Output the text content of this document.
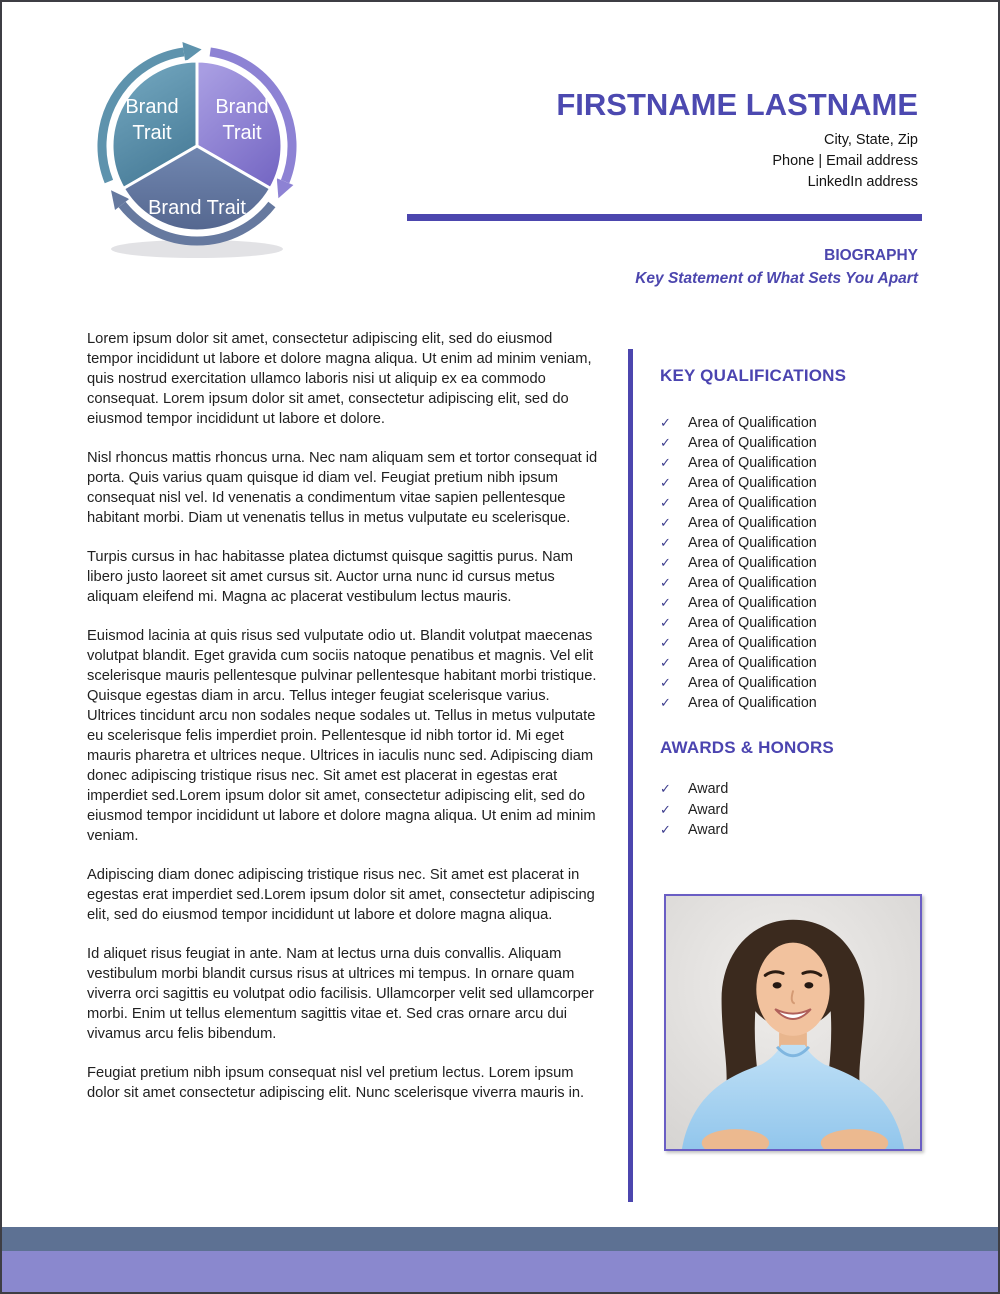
Brand
Trait
Brand
Trait
Brand Trait
FIRSTNAME LASTNAME
City, State, Zip
Phone | Email address
LinkedIn address
BIOGRAPHY
Key Statement of What Sets You Apart

Lorem ipsum dolor sit amet, consectetur adipiscing elit, sed do eiusmod tempor incididunt ut labore et dolore magna aliqua. Ut enim ad minim veniam, quis nostrud exercitation ullamco laboris nisi ut aliquip ex ea commodo consequat. Lorem ipsum dolor sit amet, consectetur adipiscing elit, sed do eiusmod tempor incididunt ut labore et dolore.

Nisl rhoncus mattis rhoncus urna. Nec nam aliquam sem et tortor consequat id porta. Quis varius quam quisque id diam vel. Feugiat pretium nibh ipsum consequat nisl vel. Id venenatis a condimentum vitae sapien pellentesque habitant morbi. Diam ut venenatis tellus in metus vulputate eu scelerisque.

Turpis cursus in hac habitasse platea dictumst quisque sagittis purus. Nam libero justo laoreet sit amet cursus sit. Auctor urna nunc id cursus metus aliquam eleifend mi. Magna ac placerat vestibulum lectus mauris.

Euismod lacinia at quis risus sed vulputate odio ut. Blandit volutpat maecenas volutpat blandit. Eget gravida cum sociis natoque penatibus et magnis. Vel elit scelerisque mauris pellentesque pulvinar pellentesque habitant morbi tristique. Quisque egestas diam in arcu. Tellus integer feugiat scelerisque varius. Ultrices tincidunt arcu non sodales neque sodales ut. Tellus in metus vulputate eu scelerisque felis imperdiet proin. Pellentesque id nibh tortor id. Mi eget mauris pharetra et ultrices neque. Ultrices in iaculis nunc sed. Adipiscing diam donec adipiscing tristique risus nec. Sit amet est placerat in egestas erat imperdiet sed.Lorem ipsum dolor sit amet, consectetur adipiscing elit, sed do eiusmod tempor incididunt ut labore et dolore magna aliqua. Ut enim ad minim veniam.

Adipiscing diam donec adipiscing tristique risus nec. Sit amet est placerat in egestas erat imperdiet sed.Lorem ipsum dolor sit amet, consectetur adipiscing elit, sed do eiusmod tempor incididunt ut labore et dolore magna aliqua.

Id aliquet risus feugiat in ante. Nam at lectus urna duis convallis. Aliquam vestibulum morbi blandit cursus risus at ultrices mi tempus. In ornare quam viverra orci sagittis eu volutpat odio facilisis. Ullamcorper velit sed ullamcorper morbi. Enim ut tellus elementum sagittis vitae et. Sed cras ornare arcu dui vivamus arcu felis bibendum.

Feugiat pretium nibh ipsum consequat nisl vel pretium lectus. Lorem ipsum dolor sit amet consectetur adipiscing elit. Nunc scelerisque viverra mauris in.

KEY QUALIFICATIONS
✓ Area of Qualification
✓ Area of Qualification
✓ Area of Qualification
✓ Area of Qualification
✓ Area of Qualification
✓ Area of Qualification
✓ Area of Qualification
✓ Area of Qualification
✓ Area of Qualification
✓ Area of Qualification
✓ Area of Qualification
✓ Area of Qualification
✓ Area of Qualification
✓ Area of Qualification
✓ Area of Qualification
AWARDS & HONORS
✓ Award
✓ Award
✓ Award
